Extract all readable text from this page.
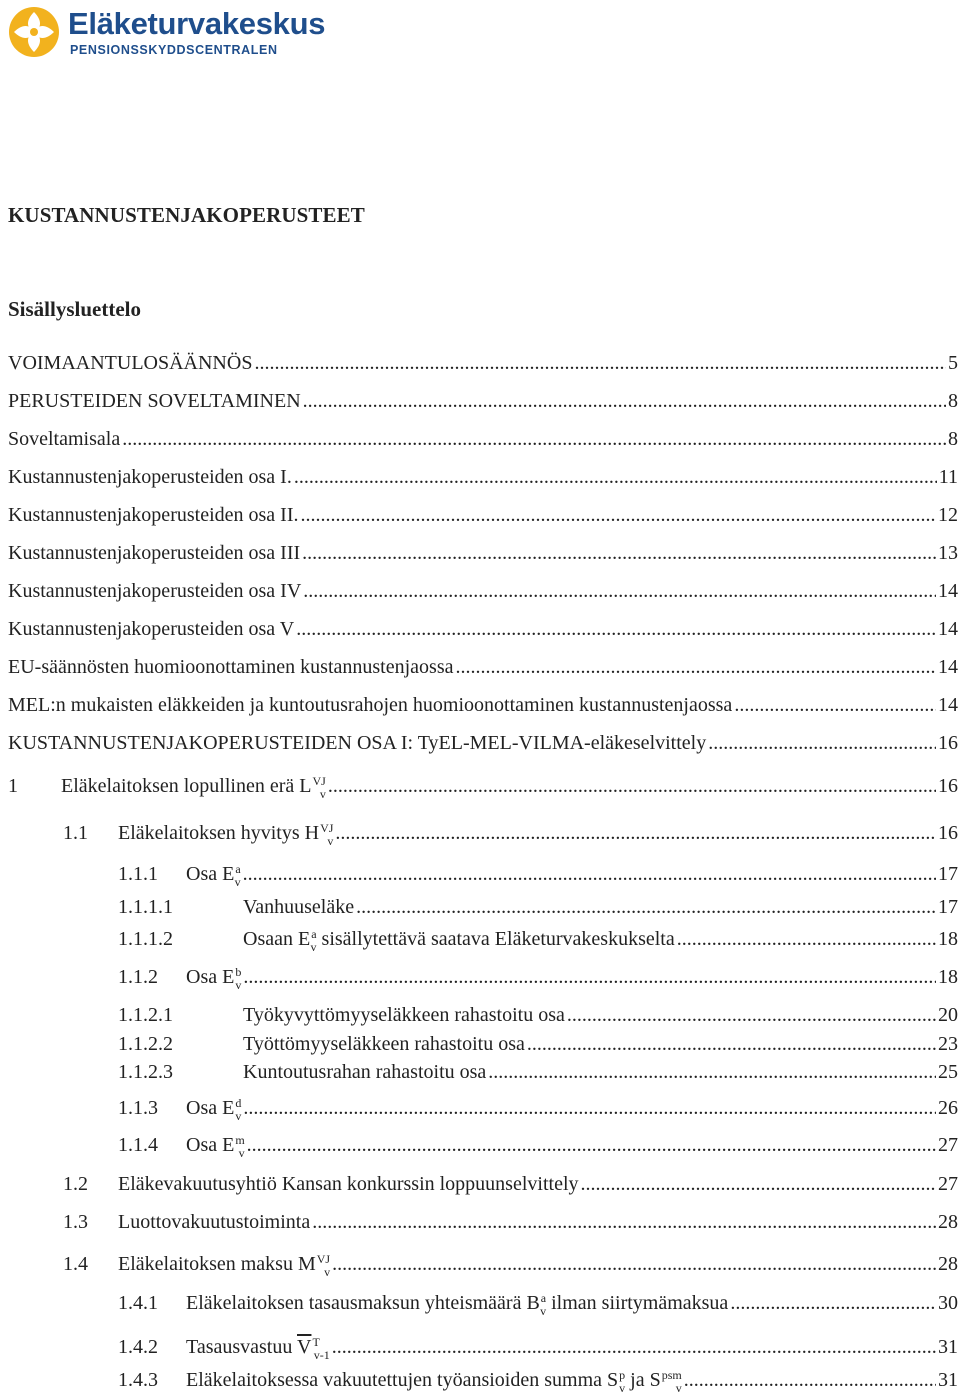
Eläketurvakeskus
PENSIONSSKYDDSCENTRALEN
KUSTANNUSTENJAKOPERUSTEET
Sisällysluettelo
VOIMAANTULOSÄÄNNÖS .....	5
PERUSTEIDEN SOVELTAMINEN .....	8
Soveltamisala .....	8
Kustannustenjakoperusteiden osa I. .....	11
Kustannustenjakoperusteiden osa II. .....	12
Kustannustenjakoperusteiden osa III .....	13
Kustannustenjakoperusteiden osa IV .....	14
Kustannustenjakoperusteiden osa V .....	14
EU-säännösten huomioonottaminen kustannustenjaossa .....	14
MEL:n mukaisten eläkkeiden ja kuntoutusrahojen huomioonottaminen kustannustenjaossa .....	14
KUSTANNUSTENJAKOPERUSTEIDEN OSA I: TyEL-MEL-VILMA-eläkeselvittely .....	16
1	Eläkelaitoksen lopullinen erä $L^{VJ}_v$ .....	16
1.1	Eläkelaitoksen hyvitys $H^{VJ}_v$ .....	16
1.1.1	Osa $E^a_v$ .....	17
1.1.1.1	Vanhuuseläke .....	17
1.1.1.2	Osaan $E^a_v$ sisällytettävä saatava Eläketurvakeskukselta .....	18
1.1.2	Osa $E^b_v$ .....	18
1.1.2.1	Työkyvyttömyyseläkkeen rahastoitu osa .....	20
1.1.2.2	Työttömyyseläkkeen rahastoitu osa .....	23
1.1.2.3	Kuntoutusrahan rahastoitu osa .....	25
1.1.3	Osa $E^d_v$ .....	26
1.1.4	Osa $E^m_v$ .....	27
1.2	Eläkevakuutusyhtiö Kansan konkurssin loppuunselvittely .....	27
1.3	Luottovakuutustoiminta .....	28
1.4	Eläkelaitoksen maksu $M^{VJ}_v$ .....	28
1.4.1	Eläkelaitoksen tasausmaksun yhteismäärä $B^a_v$ ilman siirtymämaksua .....	30
1.4.2	Tasausvastuu $\overline{V}^T_{v-1}$ .....	31
1.4.3	Eläkelaitoksessa vakuutettujen työansioiden summa $S^p_v$ ja $S^{psm}_v$ .....	31
